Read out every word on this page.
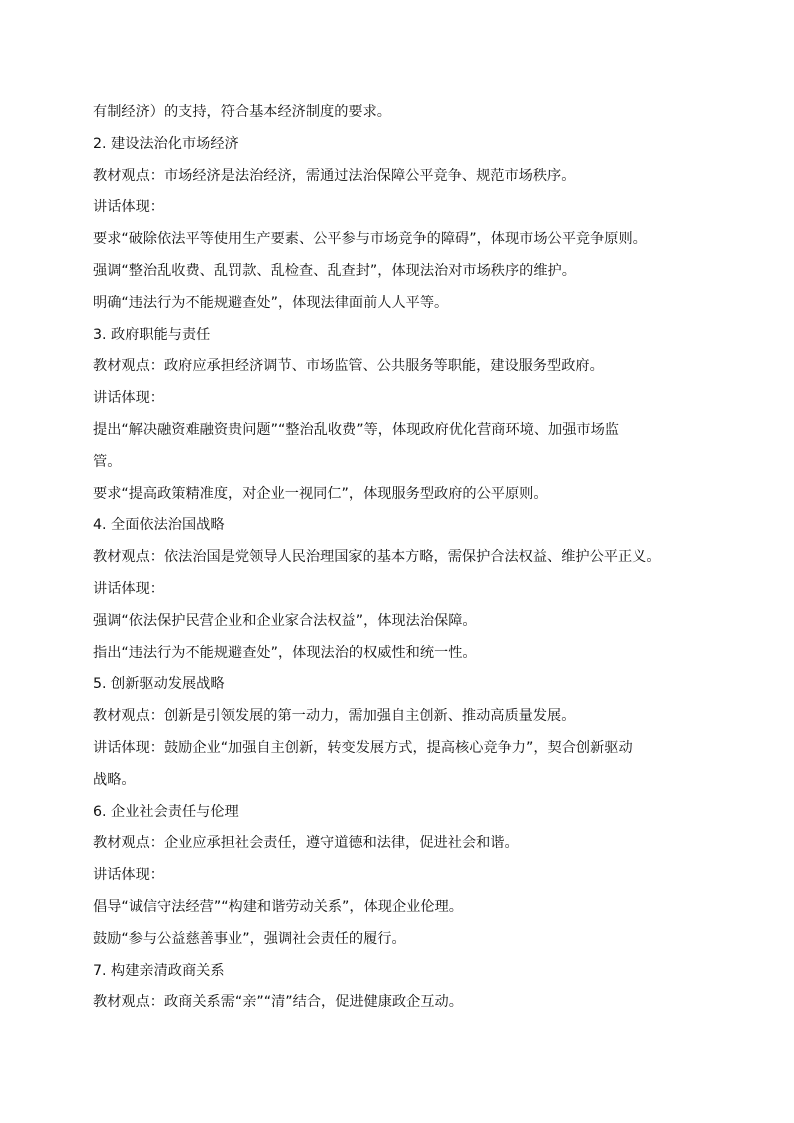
有制经济）的支持，符合基本经济制度的要求。
2. 建设法治化市场经济
教材观点：市场经济是法治经济，需通过法治保障公平竞争、规范市场秩序。
讲话体现：
要求“破除依法平等使用生产要素、公平参与市场竞争的障碍”，体现市场公平竞争原则。
强调“整治乱收费、乱罚款、乱检查、乱查封”，体现法治对市场秩序的维护。
明确“违法行为不能规避查处”，体现法律面前人人平等。
3. 政府职能与责任
教材观点：政府应承担经济调节、市场监管、公共服务等职能，建设服务型政府。
讲话体现：
提出“解决融资难融资贵问题”“整治乱收费”等，体现政府优化营商环境、加强市场监
管。
要求“提高政策精准度，对企业一视同仁”，体现服务型政府的公平原则。
4. 全面依法治国战略
教材观点：依法治国是党领导人民治理国家的基本方略，需保护合法权益、维护公平正义。
讲话体现：
强调“依法保护民营企业和企业家合法权益”，体现法治保障。
指出“违法行为不能规避查处”，体现法治的权威性和统一性。
5. 创新驱动发展战略
教材观点：创新是引领发展的第一动力，需加强自主创新、推动高质量发展。
讲话体现：鼓励企业“加强自主创新，转变发展方式，提高核心竞争力”，契合创新驱动
战略。
6. 企业社会责任与伦理
教材观点：企业应承担社会责任，遵守道德和法律，促进社会和谐。
讲话体现：
倡导“诚信守法经营”“构建和谐劳动关系”，体现企业伦理。
鼓励“参与公益慈善事业”，强调社会责任的履行。
7. 构建亲清政商关系
教材观点：政商关系需“亲”“清”结合，促进健康政企互动。
